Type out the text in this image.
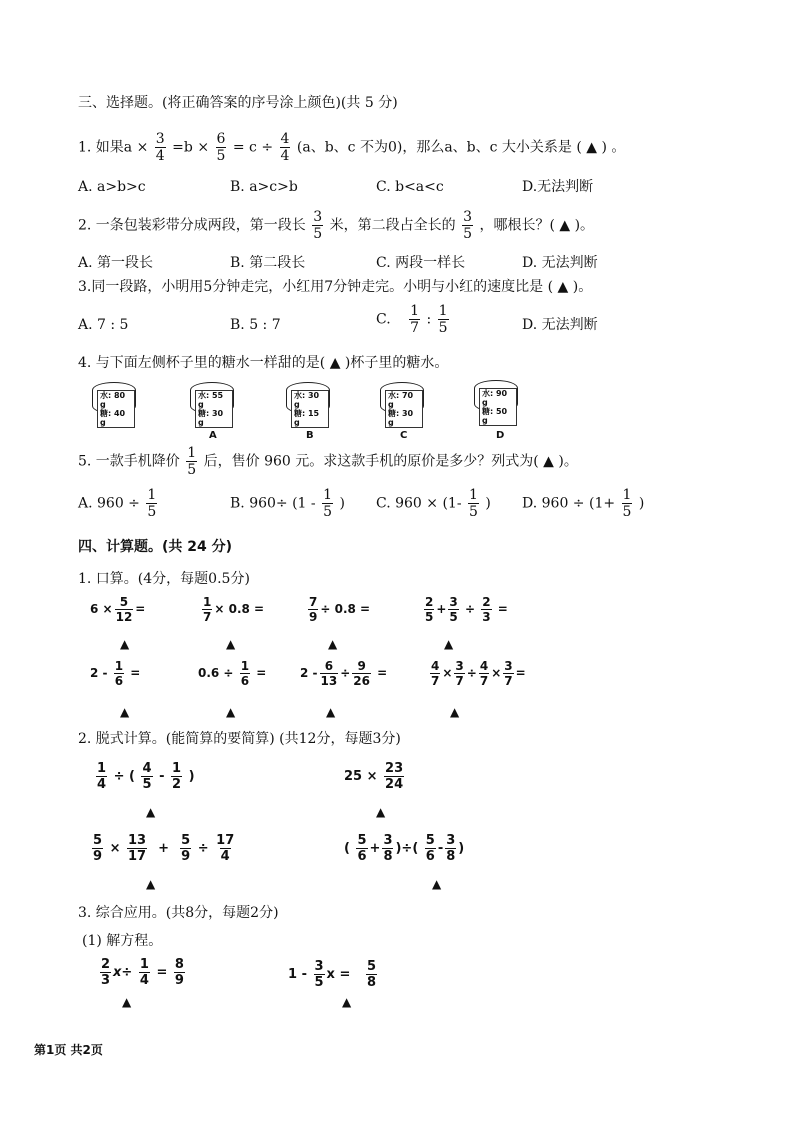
三、选择题。(将正确答案的序号涂上颜色)(共 5 分)
1. 如果$a \times \frac{3}{4} =b \times \frac{6}{5} = c \div \frac{4}{4} (a$、b、c 不为0)，那么a、b、c 大小关系是 ( ▲ ) 。
A. a>b>c	B. a>c>b	C. b<a<c	D.无法判断
2. 一条包装彩带分成两段，第一段长 $\frac{3}{5}$ 米，第二段占全长的 $\frac{3}{5}$ ，哪根长？( ▲ )。
A. 第一段长	B. 第二段长	C. 两段一样长	D. 无法判断
3.同一段路，小明用5分钟走完，小红用7分钟走完。小明与小红的速度比是 ( ▲ )。
A. 7 : 5	B. 5 : 7	C. $\frac{1}{7}$ : $\frac{1}{5}$	D. 无法判断
4. 与下面左侧杯子里的糖水一样甜的是( ▲ )杯子里的糖水。
水: 80 g
糖: 40 g
水: 55 g
糖: 30 g
A
水: 30 g
糖: 15 g
B
水: 70 g
糖: 30 g
C
水: 90 g
糖: 50 g
D
5. 一款手机降价 $\frac{1}{5}$ 后，售价 960 元。求这款手机的原价是多少？列式为( ▲ )。
A. $960 \div \frac{1}{5}$	B. $960\div (1 - \frac{1}{5}$ ) C. $960 \times (1- \frac{1}{5}$ ) D. $960 \div (1+ \frac{1}{5}$ )
四、计算题。(共 24 分)
1. 口算。(4分，每题0.5分)
$6 \times \frac{5}{12}$ =	$\frac{1}{7} \times 0.8$ =	$\frac{7}{9} \div 0.8$ =	$\frac{2}{5} + \frac{3}{5} \div \frac{2}{3}$ =
▲	▲	▲	▲
$2 - \frac{1}{6}$ =	$0.6 \div \frac{1}{6}$ =	$2 - \frac{6}{13} \div \frac{9}{26}$ =	$\frac{4}{7} \times \frac{3}{7} \div \frac{4}{7} \times \frac{3}{7}$ =
▲	▲	▲	▲
2. 脱式计算。(能简算的要简算) (共12分，每题3分)
$\frac{1}{4}$ ÷ ( $\frac{4}{5} - \frac{1}{2}$ )
▲
$25 \times \frac{23}{24}$
▲
$\frac{5}{9} \times \frac{13}{17} + \frac{5}{9} \div \frac{17}{4}$
▲
( $\frac{5}{6} + \frac{3}{8}$ )÷( $\frac{5}{6} - \frac{3}{8}$ )
▲
3. 综合应用。(共8分，每题2分)
(1) 解方程。
$\frac{2}{3} x\div \frac{1}{4} = \frac{8}{9}$
▲
$1 - \frac{3}{5}$ $x = \frac{5}{8}$
▲
第1页 共2页
